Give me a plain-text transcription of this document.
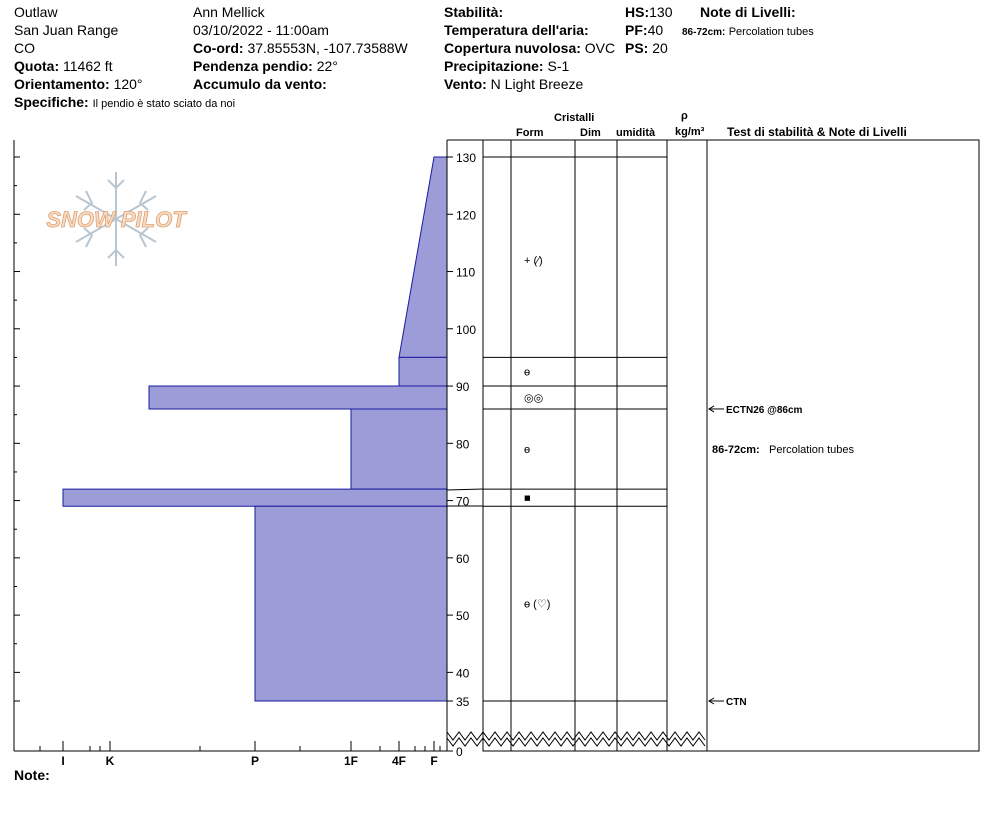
Outlaw
San Juan Range
CO
Quota: 11462 ft
Orientamento: 120°
Specifiche: Il pendio è stato sciato da noi
Ann Mellick
03/10/2022 - 11:00am
Co-ord: 37.85553N, -107.73588W
Pendenza pendio: 22°
Accumulo da vento:
Stabilità:
Temperatura dell'aria:
Copertura nuvolosa: OVC
Precipitazione: S-1
Vento: N Light Breeze
HS:130
PF:40
PS: 20
Note di Livelli:
86-72cm: Percolation tubes
Cristalli
Form	Dim umidità
ρ
kg/m³ Test di stabilità & Note di Livelli
Note:
SNOW PILOT
130
120
110
100
90
80
70
60
50
40
35
0
I	K	P	1F	4F F
+ (⁄)
ɵ
◎◎
ɵ
■
ɵ (♡)
ECTN26 @86cm
CTN
86-72cm: Percolation tubes
